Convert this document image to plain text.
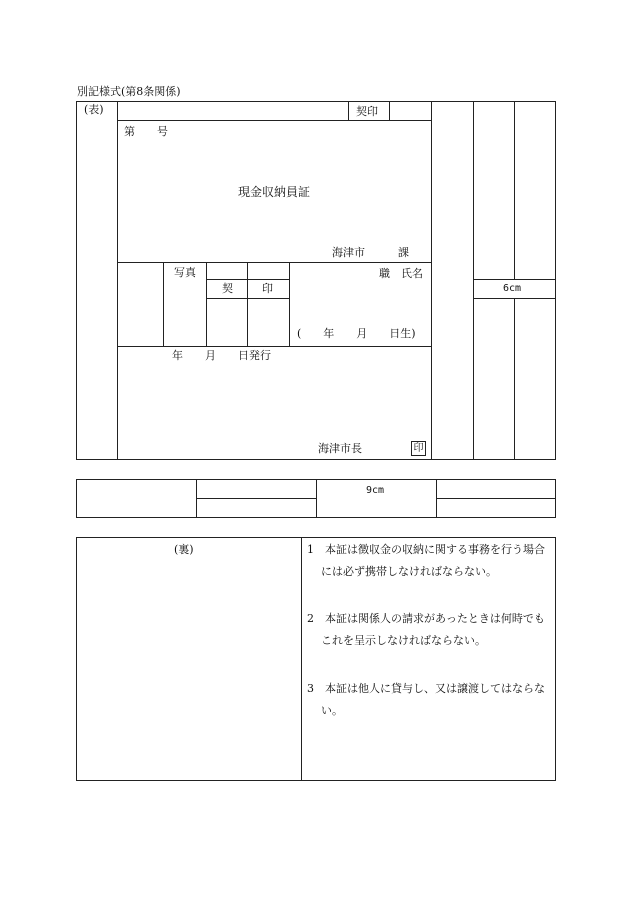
別記様式(第8条関係)
6cm
契印
(表)
第　　号
現金収納員証
海津市　　　課
写真
契	印
職　氏名
(　　年　　月　　日生)
年　　月　　日発行
海津市長	印
9cm
(裏)	1　本証は徴収金の収納に関する事務を行う場合には必ず携帯しなければならない。
2　本証は関係人の請求があったときは何時でもこれを呈示しなければならない。
3　本証は他人に貸与し、又は譲渡してはならない。
